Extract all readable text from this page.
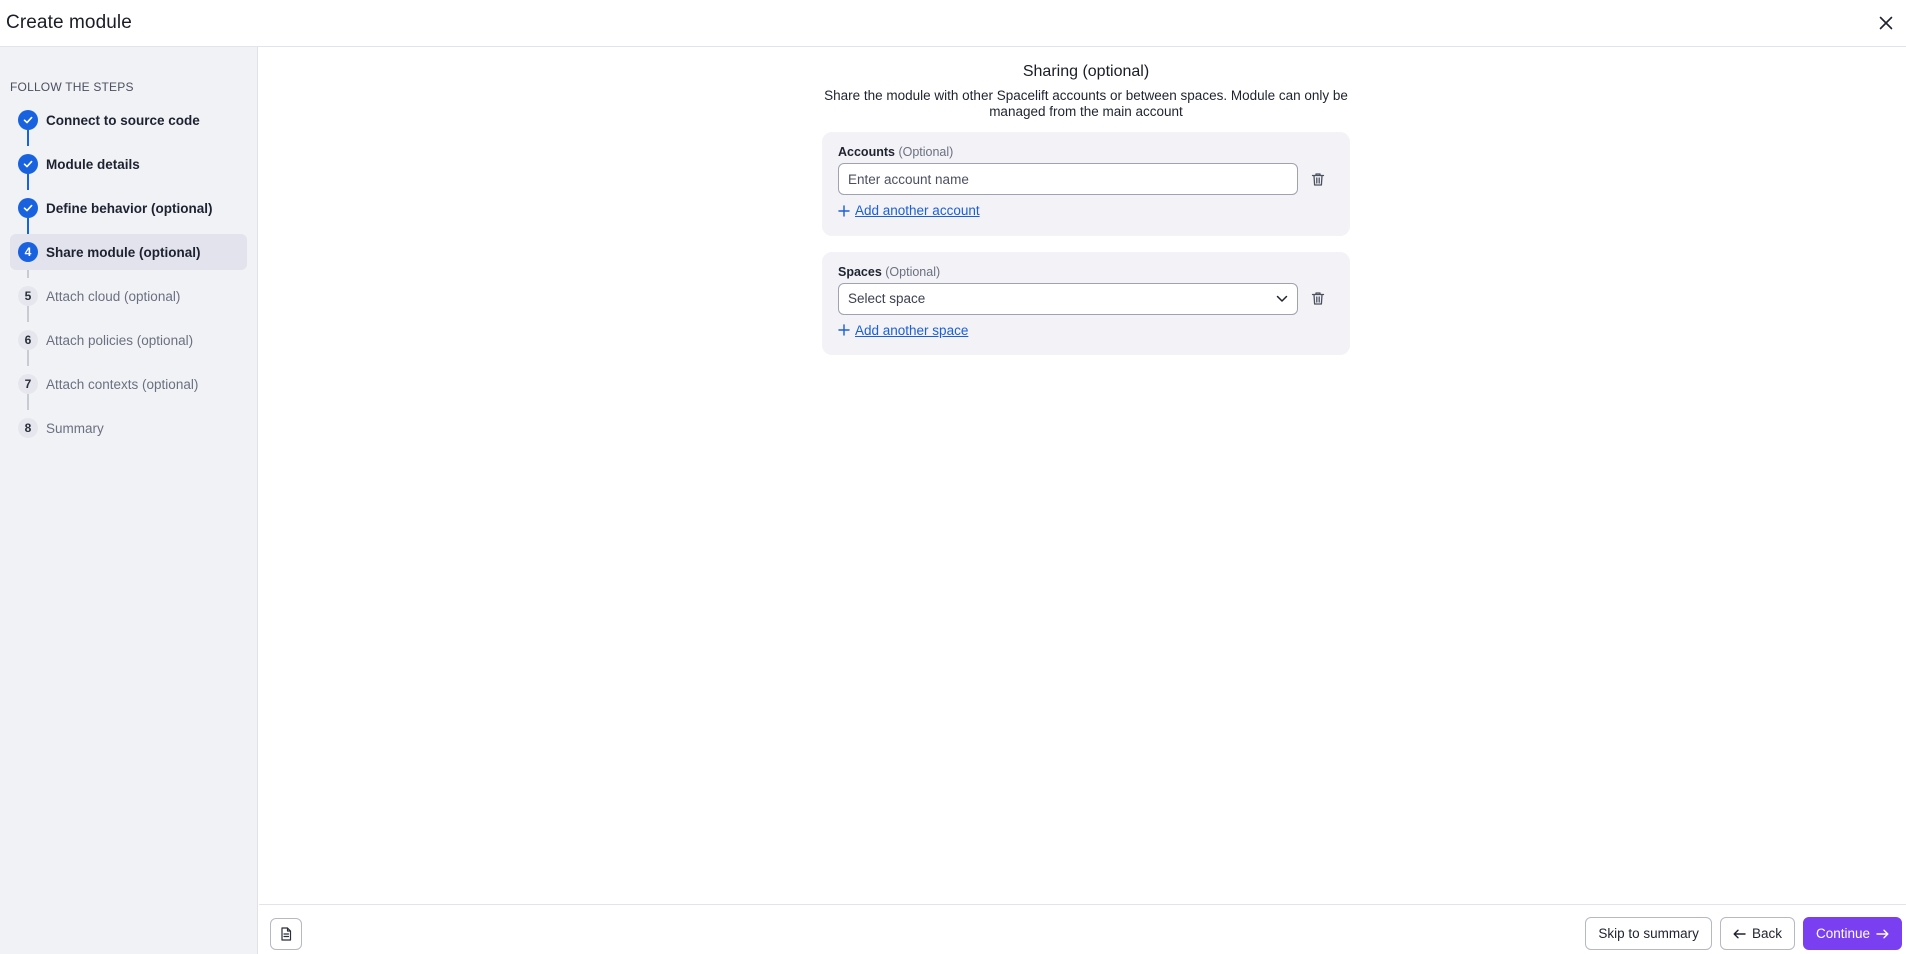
Create module
FOLLOW THE STEPS
Connect to source code
Module details
Define behavior (optional)
4	Share module (optional)
5	Attach cloud (optional)
6	Attach policies (optional)
7	Attach contexts (optional)
8	Summary
Sharing (optional)
Share the module with other Spacelift accounts or between spaces. Module can only be managed from the main account
Accounts (Optional)
Enter account name
Add another account
Spaces (Optional)
Select space
Add another space
Skip to summary	Back	Continue
